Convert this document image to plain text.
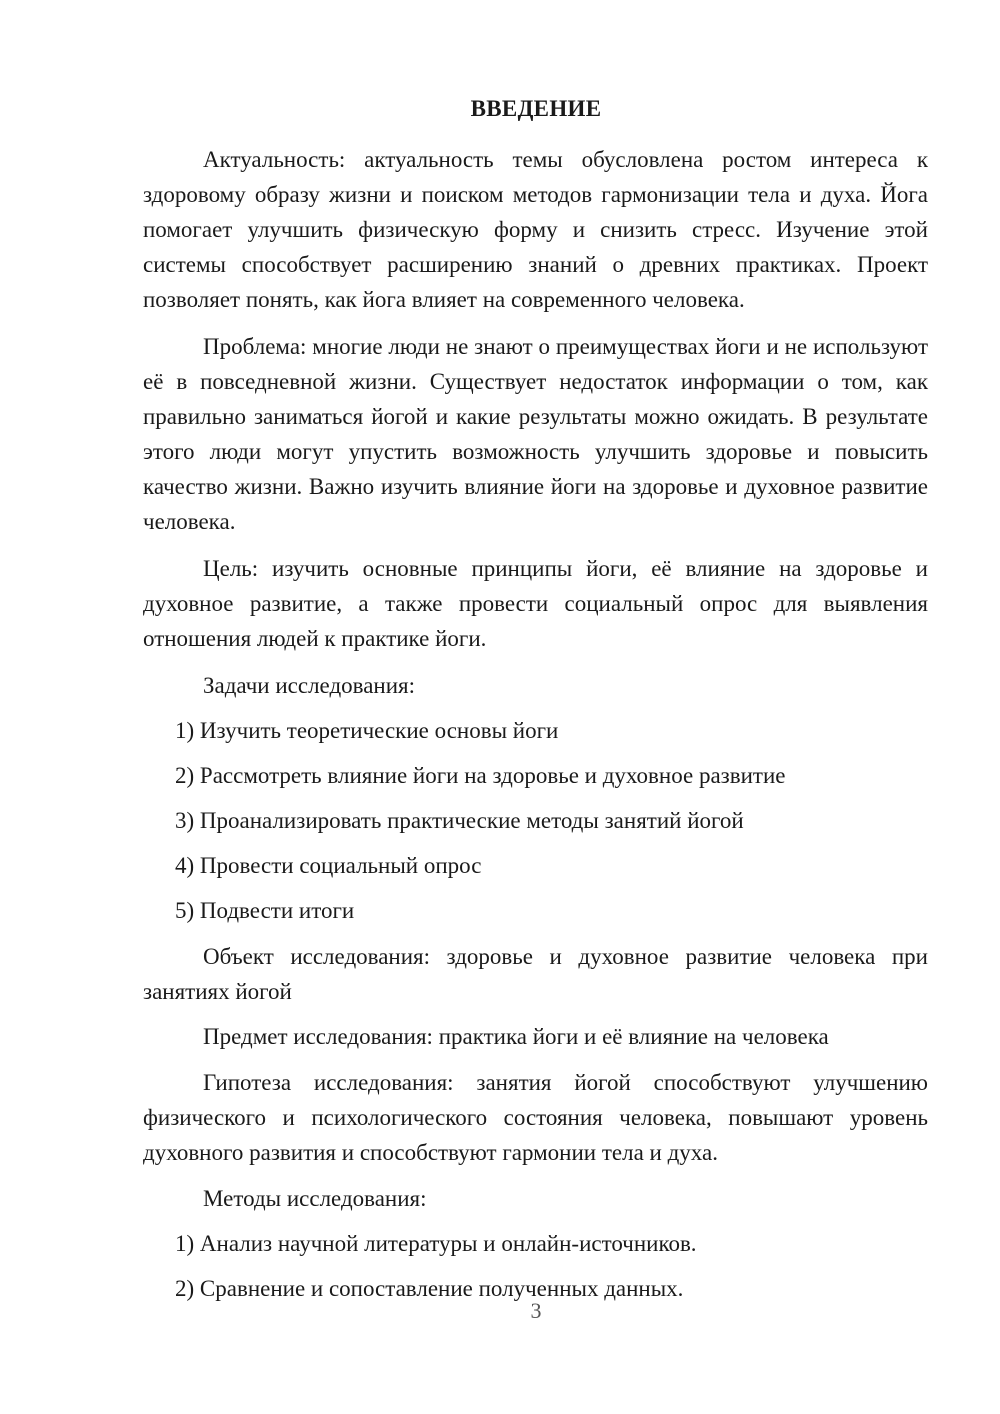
ВВЕДЕНИЕ

Актуальность: актуальность темы обусловлена ростом интереса к здоровому образу жизни и поиском методов гармонизации тела и духа. Йога помогает улучшить физическую форму и снизить стресс. Изучение этой системы способствует расширению знаний о древних практиках. Проект позволяет понять, как йога влияет на современного человека.

Проблема: многие люди не знают о преимуществах йоги и не используют её в повседневной жизни. Существует недостаток информации о том, как правильно заниматься йогой и какие результаты можно ожидать. В результате этого люди могут упустить возможность улучшить здоровье и повысить качество жизни. Важно изучить влияние йоги на здоровье и духовное развитие человека.

Цель: изучить основные принципы йоги, её влияние на здоровье и духовное развитие, а также провести социальный опрос для выявления отношения людей к практике йоги.

Задачи исследования:

1) Изучить теоретические основы йоги
2) Рассмотреть влияние йоги на здоровье и духовное развитие
3) Проанализировать практические методы занятий йогой
4) Провести социальный опрос
5) Подвести итоги

Объект исследования: здоровье и духовное развитие человека при занятиях йогой

Предмет исследования: практика йоги и её влияние на человека

Гипотеза исследования: занятия йогой способствуют улучшению физического и психологического состояния человека, повышают уровень духовного развития и способствуют гармонии тела и духа.

Методы исследования:

1) Анализ научной литературы и онлайн-источников.
2) Сравнение и сопоставление полученных данных.
3
